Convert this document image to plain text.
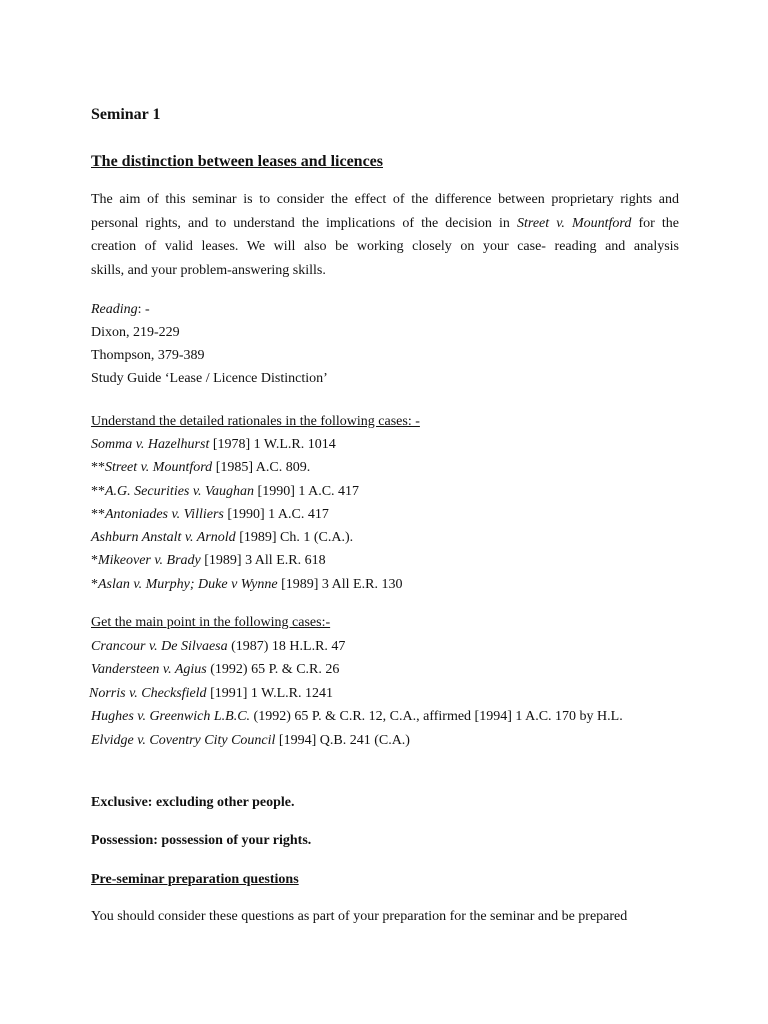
Seminar 1
The distinction between leases and licences
The aim of this seminar is to consider the effect of the difference between proprietary rights and
personal rights, and to understand the implications of the decision in Street v. Mountford for the
creation of valid leases. We will also be working closely on your case- reading and analysis
skills, and your problem-answering skills.
Reading: -
Dixon, 219-229
Thompson, 379-389
Study Guide ‘Lease / Licence Distinction’
Understand the detailed rationales in the following cases: -
Somma v. Hazelhurst [1978] 1 W.L.R. 1014
**Street v. Mountford [1985] A.C. 809.
**A.G. Securities v. Vaughan [1990] 1 A.C. 417
**Antoniades v. Villiers [1990] 1 A.C. 417
Ashburn Anstalt v. Arnold [1989] Ch. 1 (C.A.).
*Mikeover v. Brady [1989] 3 All E.R. 618
*Aslan v. Murphy; Duke v Wynne [1989] 3 All E.R. 130
Get the main point in the following cases:-
Crancour v. De Silvaesa (1987) 18 H.L.R. 47
Vandersteen v. Agius (1992) 65 P. & C.R. 26
Norris v. Checksfield [1991] 1 W.L.R. 1241
Hughes v. Greenwich L.B.C. (1992) 65 P. & C.R. 12, C.A., affirmed [1994] 1 A.C. 170 by H.L.
Elvidge v. Coventry City Council [1994] Q.B. 241 (C.A.)
Exclusive: excluding other people.
Possession: possession of your rights.
Pre-seminar preparation questions
You should consider these questions as part of your preparation for the seminar and be prepared
